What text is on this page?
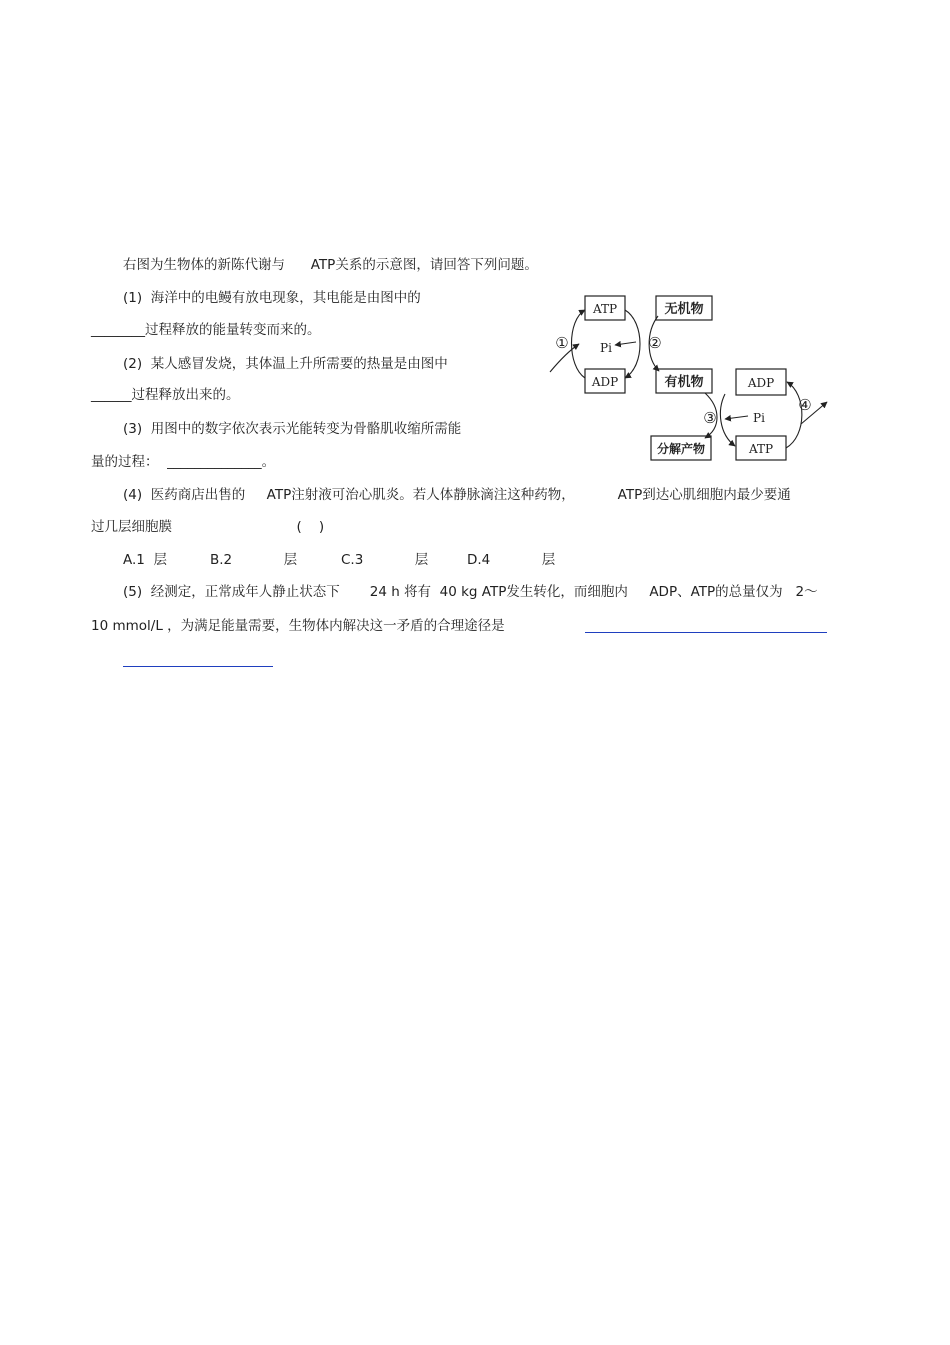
右图为生物体的新陈代谢与      ATP关系的示意图，请回答下列问题。
(1)  海洋中的电鳗有放电现象，其电能是由图中的
________过程释放的能量转变而来的。
(2)  某人感冒发烧，其体温上升所需要的热量是由图中
______过程释放出来的。
(3)  用图中的数字依次表示光能转变为骨骼肌收缩所需能
量的过程：  ______________。
(4)  医药商店出售的     ATP注射液可治心肌炎。若人体静脉滴注这种药物，          ATP到达心肌细胞内最少要通
过几层细胞膜                             (    )
A.1  层	B.2            层	C.3            层	D.4            层
(5)  经测定，正常成年人静止状态下       24 h 将有  40 kg ATP发生转化，而细胞内     ADP、ATP的总量仅为   2～
10 mmol/L ，为满足能量需要，生物体内解决这一矛盾的合理途径是
ATP
ADP
无机物
有机物	ADP
分解产物	ATP
Pi
Pi
①	②
③
④
